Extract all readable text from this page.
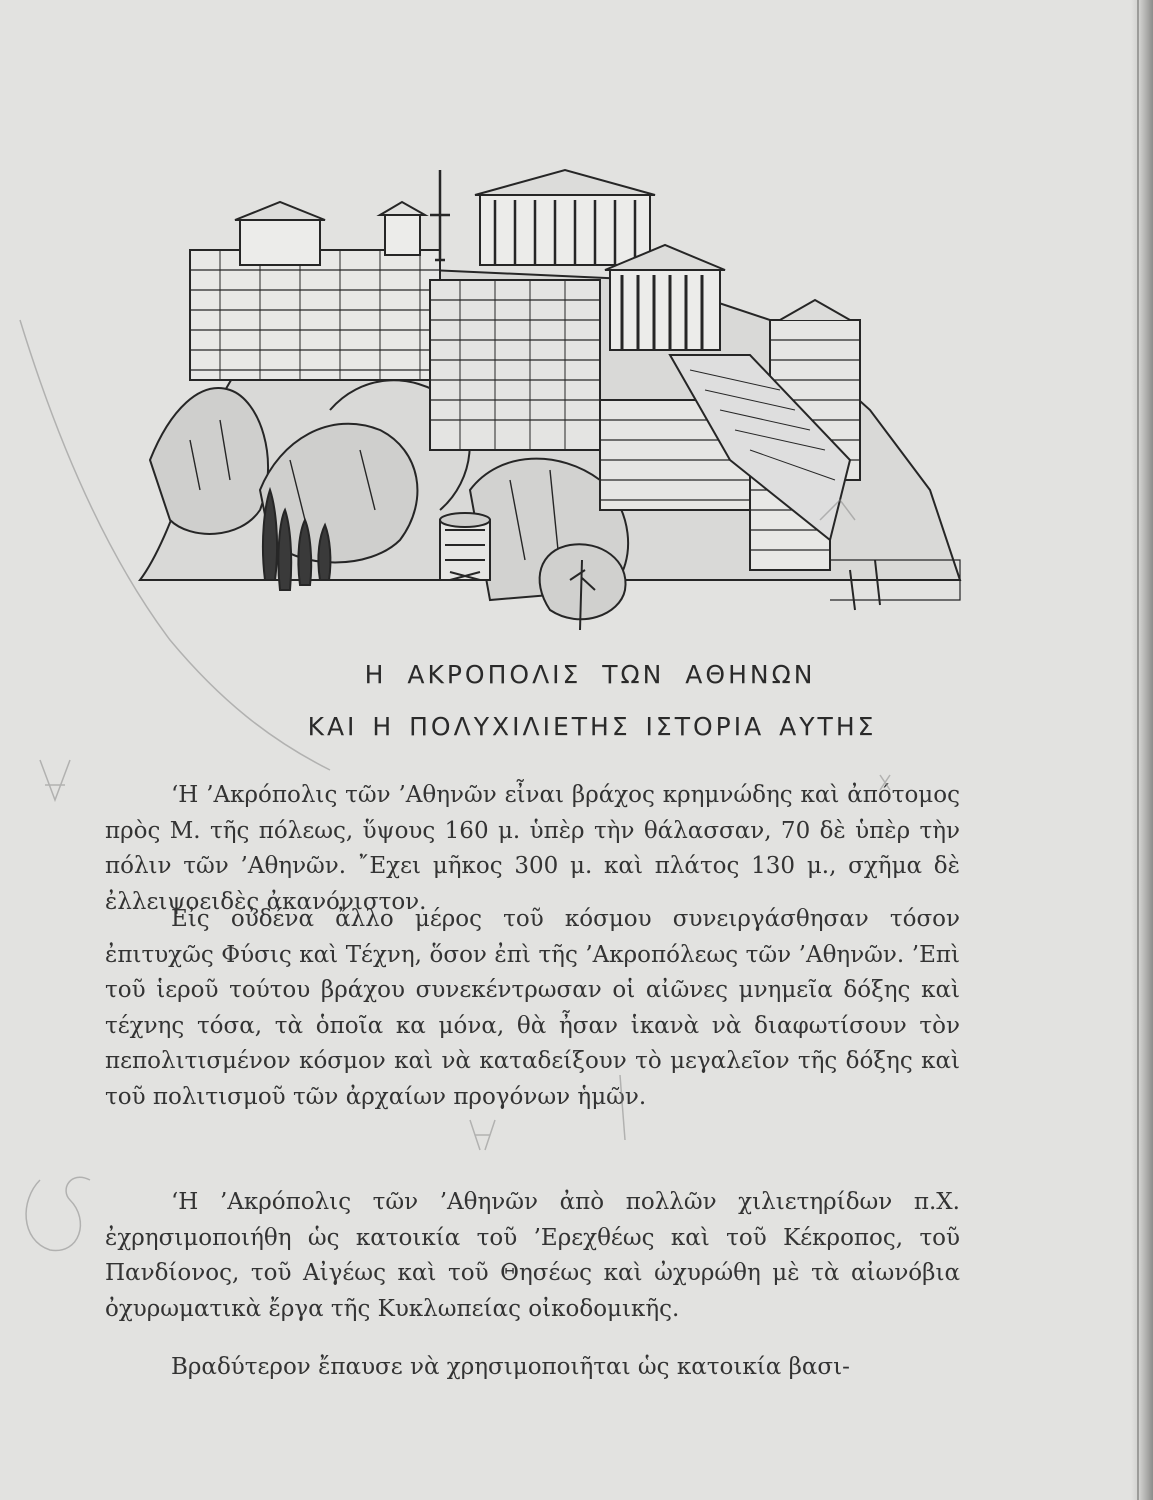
Η ΑΚΡΟΠΟΛΙΣ ΤΩΝ ΑΘΗΝΩΝ
ΚΑΙ Η ΠΟΛΥΧΙΛΙΕΤΗΣ ΙΣΤΟΡΙΑ ΑΥΤΗΣ

‘Η ’Ακρόπολις τῶν ’Αθηνῶν εἶναι βράχος κρημνώδης καὶ ἀπότομος πρὸς Μ. τῆς πόλεως, ὕψους 160 μ. ὑπὲρ τὴν θάλασσαν, 70 δὲ ὑπὲρ τὴν πόλιν τῶν ’Αθηνῶν. ῎Εχει μῆκος 300 μ. καὶ πλάτος 130 μ., σχῆμα δὲ ἐλλειψοειδὲς ἀκανόνιστον.

Εἰς οὐδένα ἄλλο μέρος τοῦ κόσμου συνειργάσθησαν τόσον ἐπιτυχῶς Φύσις καὶ Τέχνη, ὅσον ἐπὶ τῆς ’Ακροπόλεως τῶν ’Αθηνῶν. ’Επὶ τοῦ ἱεροῦ τούτου βράχου συνεκέντρωσαν οἱ αἰῶνες μνημεῖα δόξης καὶ τέχνης τόσα, τὰ ὁποῖα κα μόνα, θὰ ἦσαν ἱκανὰ νὰ διαφωτίσουν τὸν πεπολιτισμένον κόσμον καὶ νὰ καταδείξουν τὸ μεγαλεῖον τῆς δόξης καὶ τοῦ πολιτισμοῦ τῶν ἀρχαίων προγόνων ἡμῶν.

‘Η ’Ακρόπολις τῶν ’Αθηνῶν ἀπὸ πολλῶν χιλιετηρίδων π.Χ. ἐχρησιμοποιήθη ὡς κατοικία τοῦ ’Ερεχθέως καὶ τοῦ Κέκροπος, τοῦ Πανδίονος, τοῦ Αἰγέως καὶ τοῦ Θησέως καὶ ὠχυρώθη μὲ τὰ αἰωνόβια ὀχυρωματικὰ ἔργα τῆς Κυκλωπείας οἰκοδομικῆς.

Βραδύτερον ἔπαυσε νὰ χρησιμοποιῆται ὡς κατοικία βασι-
